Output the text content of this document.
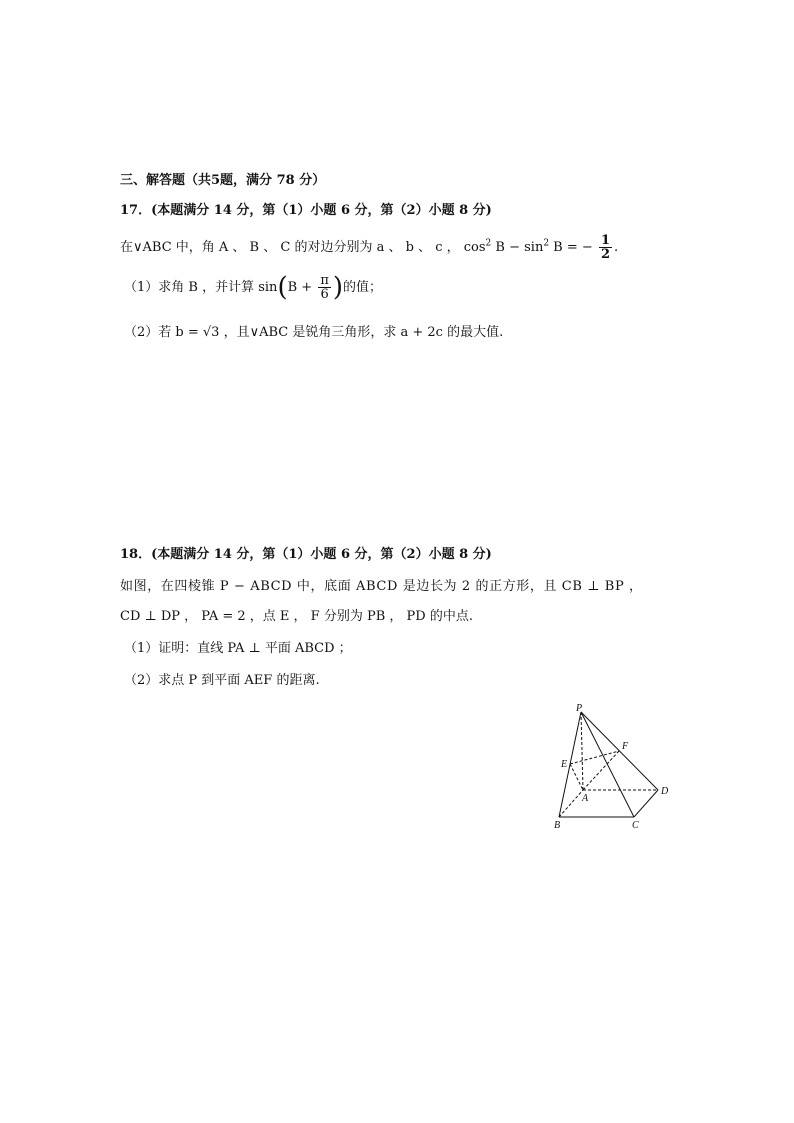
三、解答题（共5题，满分 78 分）
17．(本题满分 14 分，第（1）小题 6 分，第（2）小题 8 分)
在∨ABC 中，角 A 、 B 、 C 的对边分别为 a 、 b 、 c ， $\cos^2 B - \sin^2 B$ = − $\frac{1}{2}$ .
（1）求角 B ，并计算 $\sin(B + \frac{\pi}{6}$ )的值；
（2）若 b = √3 ，且∨ABC 是锐角三角形，求 a + 2c 的最大值.
18．(本题满分 14 分，第（1）小题 6 分，第（2）小题 8 分)
如图，在四棱锥 P − ABCD 中，底面 ABCD 是边长为 2 的正方形，且 CB ⊥ BP ，
CD ⊥ DP ， PA = 2 ，点 E ， F 分别为 PB ， PD 的中点.
（1）证明：直线 PA ⊥ 平面 ABCD ；
（2）求点 P 到平面 AEF 的距离.
P
F
E
A
D
B	C
